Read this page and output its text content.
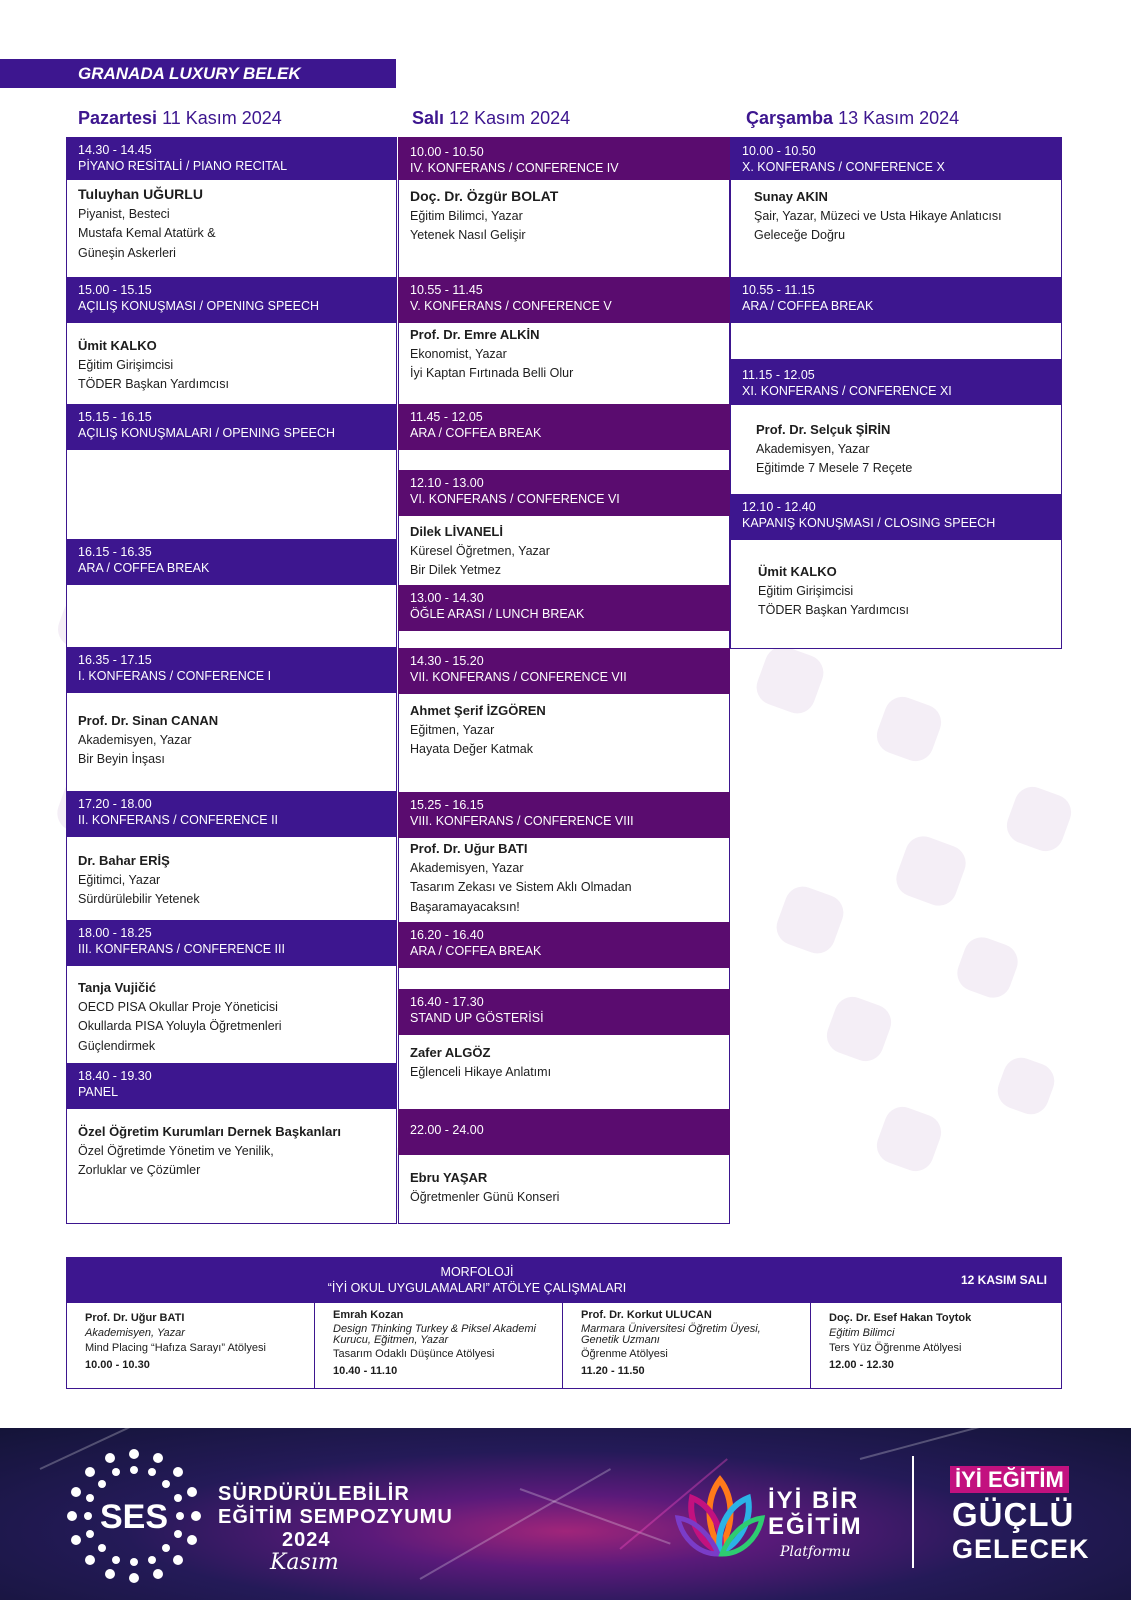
GRANADA LUXURY BELEK
Pazartesi 11 Kasım 2024	Salı 12 Kasım 2024	Çarşamba 13 Kasım 2024
14.30 - 14.45
PİYANO RESİTALİ / PIANO RECITAL
Tuluyhan UĞURLU
Piyanist, Besteci
Mustafa Kemal Atatürk &
Güneşin Askerleri
15.00 - 15.15
AÇILIŞ KONUŞMASI / OPENING SPEECH
Ümit KALKO
Eğitim Girişimcisi
TÖDER Başkan Yardımcısı
15.15 - 16.15
AÇILIŞ KONUŞMALARI / OPENING SPEECH
16.15 - 16.35
ARA / COFFEA BREAK
16.35 - 17.15
I. KONFERANS / CONFERENCE I
Prof. Dr. Sinan CANAN
Akademisyen, Yazar
Bir Beyin İnşası
17.20 - 18.00
II. KONFERANS / CONFERENCE II
Dr. Bahar ERİŞ
Eğitimci, Yazar
Sürdürülebilir Yetenek
18.00 - 18.25
III. KONFERANS / CONFERENCE III
Tanja Vujičić
OECD PISA Okullar Proje Yöneticisi
Okullarda PISA Yoluyla Öğretmenleri
Güçlendirmek
18.40 - 19.30
PANEL
Özel Öğretim Kurumları Dernek Başkanları
Özel Öğretimde Yönetim ve Yenilik,
Zorluklar ve Çözümler
10.00 - 10.50
IV. KONFERANS / CONFERENCE IV
Doç. Dr. Özgür BOLAT
Eğitim Bilimci, Yazar
Yetenek Nasıl Gelişir
10.55 - 11.45
V. KONFERANS / CONFERENCE V
Prof. Dr. Emre ALKİN
Ekonomist, Yazar
İyi Kaptan Fırtınada Belli Olur
11.45 - 12.05
ARA / COFFEA BREAK
12.10 - 13.00
VI. KONFERANS / CONFERENCE VI
Dilek LİVANELİ
Küresel Öğretmen, Yazar
Bir Dilek Yetmez
13.00 - 14.30
ÖĞLE ARASI / LUNCH BREAK
14.30 - 15.20
VII. KONFERANS / CONFERENCE VII
Ahmet Şerif İZGÖREN
Eğitmen, Yazar
Hayata Değer Katmak
15.25 - 16.15
VIII. KONFERANS / CONFERENCE VIII
Prof. Dr. Uğur BATI
Akademisyen, Yazar
Tasarım Zekası ve Sistem Aklı Olmadan
Başaramayacaksın!
16.20 - 16.40
ARA / COFFEA BREAK
16.40 - 17.30
STAND UP GÖSTERİSİ
Zafer ALGÖZ
Eğlenceli Hikaye Anlatımı
22.00 - 24.00
Ebru YAŞAR
Öğretmenler Günü Konseri
10.00 - 10.50
X. KONFERANS / CONFERENCE X
Sunay AKIN
Şair, Yazar, Müzeci ve Usta Hikaye Anlatıcısı
Geleceğe Doğru
10.55 - 11.15
ARA / COFFEA BREAK
11.15 - 12.05
XI. KONFERANS / CONFERENCE XI
Prof. Dr. Selçuk ŞİRİN
Akademisyen, Yazar
Eğitimde 7 Mesele 7 Reçete
12.10 - 12.40
KAPANIŞ KONUŞMASI / CLOSING SPEECH
Ümit KALKO
Eğitim Girişimcisi
TÖDER Başkan Yardımcısı
MORFOLOJİ
“İYİ OKUL UYGULAMALARI” ATÖLYE ÇALIŞMALARI
12 KASIM SALI
Prof. Dr. Uğur BATI
Akademisyen, Yazar
Mind Placing “Hafıza Sarayı” Atölyesi
10.00 - 10.30
Emrah Kozan
Design Thinking Turkey & Piksel Akademi Kurucu, Eğitmen, Yazar
Tasarım Odaklı Düşünce Atölyesi
10.40 - 11.10
Prof. Dr. Korkut ULUCAN
Marmara Üniversitesi Öğretim Üyesi, Genetik Uzmanı
Öğrenme Atölyesi
11.20 - 11.50
Doç. Dr. Esef Hakan Toytok
Eğitim Bilimci
Ters Yüz Öğrenme Atölyesi
12.00 - 12.30
SES
SÜRDÜRÜLEBİLİR
EĞİTİM SEMPOZYUMU
2024
Kasım
İYİ BİR
EĞİTİM
Platformu
İYİ EĞİTİM
GÜÇLÜ
GELECEK
